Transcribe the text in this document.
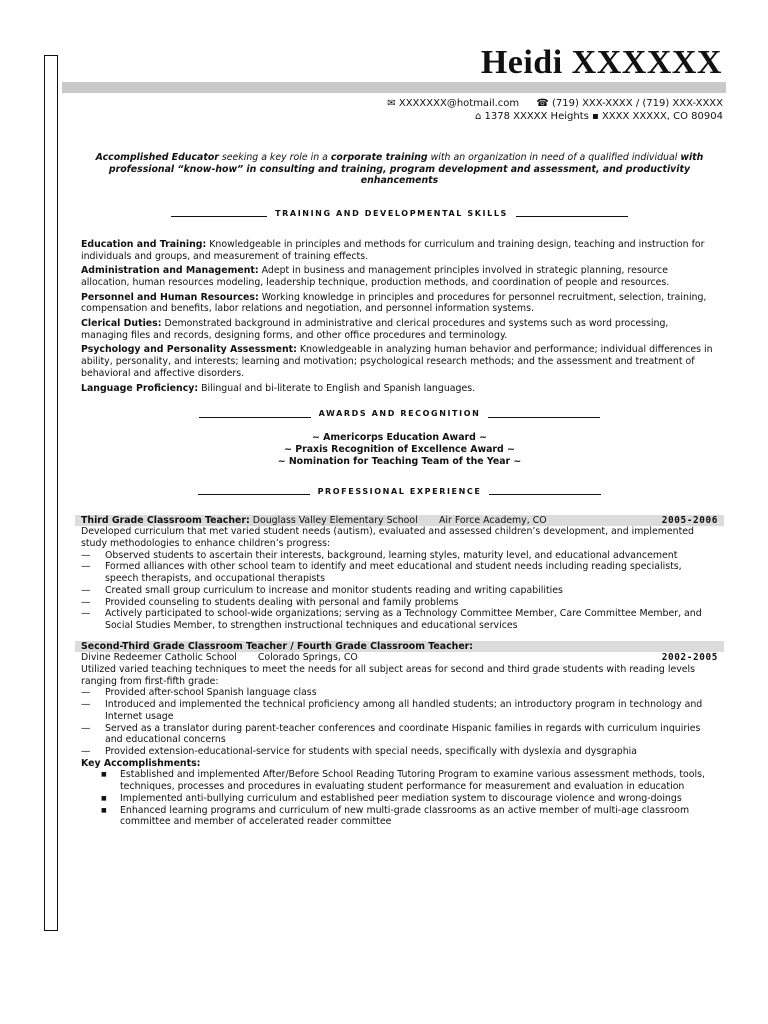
Heidi XXXXXX
✉ XXXXXXX@hotmail.com ☎ (719) XXX-XXXX / (719) XXX-XXXX
⌂ 1378 XXXXX Heights ▪ XXXX XXXXX, CO 80904
Accomplished Educator seeking a key role in a corporate training with an organization in need of a qualified individual with professional “know-how” in consulting and training, program development and assessment, and productivity enhancements
TRAINING AND DEVELOPMENTAL SKILLS
Education and Training: Knowledgeable in principles and methods for curriculum and training design, teaching and instruction for individuals and groups, and measurement of training effects.
Administration and Management: Adept in business and management principles involved in strategic planning, resource allocation, human resources modeling, leadership technique, production methods, and coordination of people and resources.
Personnel and Human Resources: Working knowledge in principles and procedures for personnel recruitment, selection, training, compensation and benefits, labor relations and negotiation, and personnel information systems.
Clerical Duties: Demonstrated background in administrative and clerical procedures and systems such as word processing, managing files and records, designing forms, and other office procedures and terminology.
Psychology and Personality Assessment: Knowledgeable in analyzing human behavior and performance; individual differences in ability, personality, and interests; learning and motivation; psychological research methods; and the assessment and treatment of behavioral and affective disorders.
Language Proficiency: Bilingual and bi-literate to English and Spanish languages.
AWARDS AND RECOGNITION
~ Americorps Education Award ~
~ Praxis Recognition of Excellence Award ~
~ Nomination for Teaching Team of the Year ~
PROFESSIONAL EXPERIENCE
Third Grade Classroom Teacher: Douglass Valley Elementary School Air Force Academy, CO	2005-2006
Developed curriculum that met varied student needs (autism), evaluated and assessed children’s development, and implemented study methodologies to enhance children’s progress:
— Observed students to ascertain their interests, background, learning styles, maturity level, and educational advancement
— Formed alliances with other school team to identify and meet educational and student needs including reading specialists, speech therapists, and occupational therapists
— Created small group curriculum to increase and monitor students reading and writing capabilities
— Provided counseling to students dealing with personal and family problems
— Actively participated to school-wide organizations; serving as a Technology Committee Member, Care Committee Member, and Social Studies Member, to strengthen instructional techniques and educational services
Second-Third Grade Classroom Teacher / Fourth Grade Classroom Teacher:
Divine Redeemer Catholic School Colorado Springs, CO	2002-2005
Utilized varied teaching techniques to meet the needs for all subject areas for second and third grade students with reading levels ranging from first-fifth grade:
— Provided after-school Spanish language class
— Introduced and implemented the technical proficiency among all handled students; an introductory program in technology and Internet usage
— Served as a translator during parent-teacher conferences and coordinate Hispanic families in regards with curriculum inquiries and educational concerns
— Provided extension-educational-service for students with special needs, specifically with dyslexia and dysgraphia
Key Accomplishments:
■ Established and implemented After/Before School Reading Tutoring Program to examine various assessment methods, tools, techniques, processes and procedures in evaluating student performance for measurement and evaluation in education
■ Implemented anti-bullying curriculum and established peer mediation system to discourage violence and wrong-doings
■ Enhanced learning programs and curriculum of new multi-grade classrooms as an active member of multi-age classroom committee and member of accelerated reader committee
